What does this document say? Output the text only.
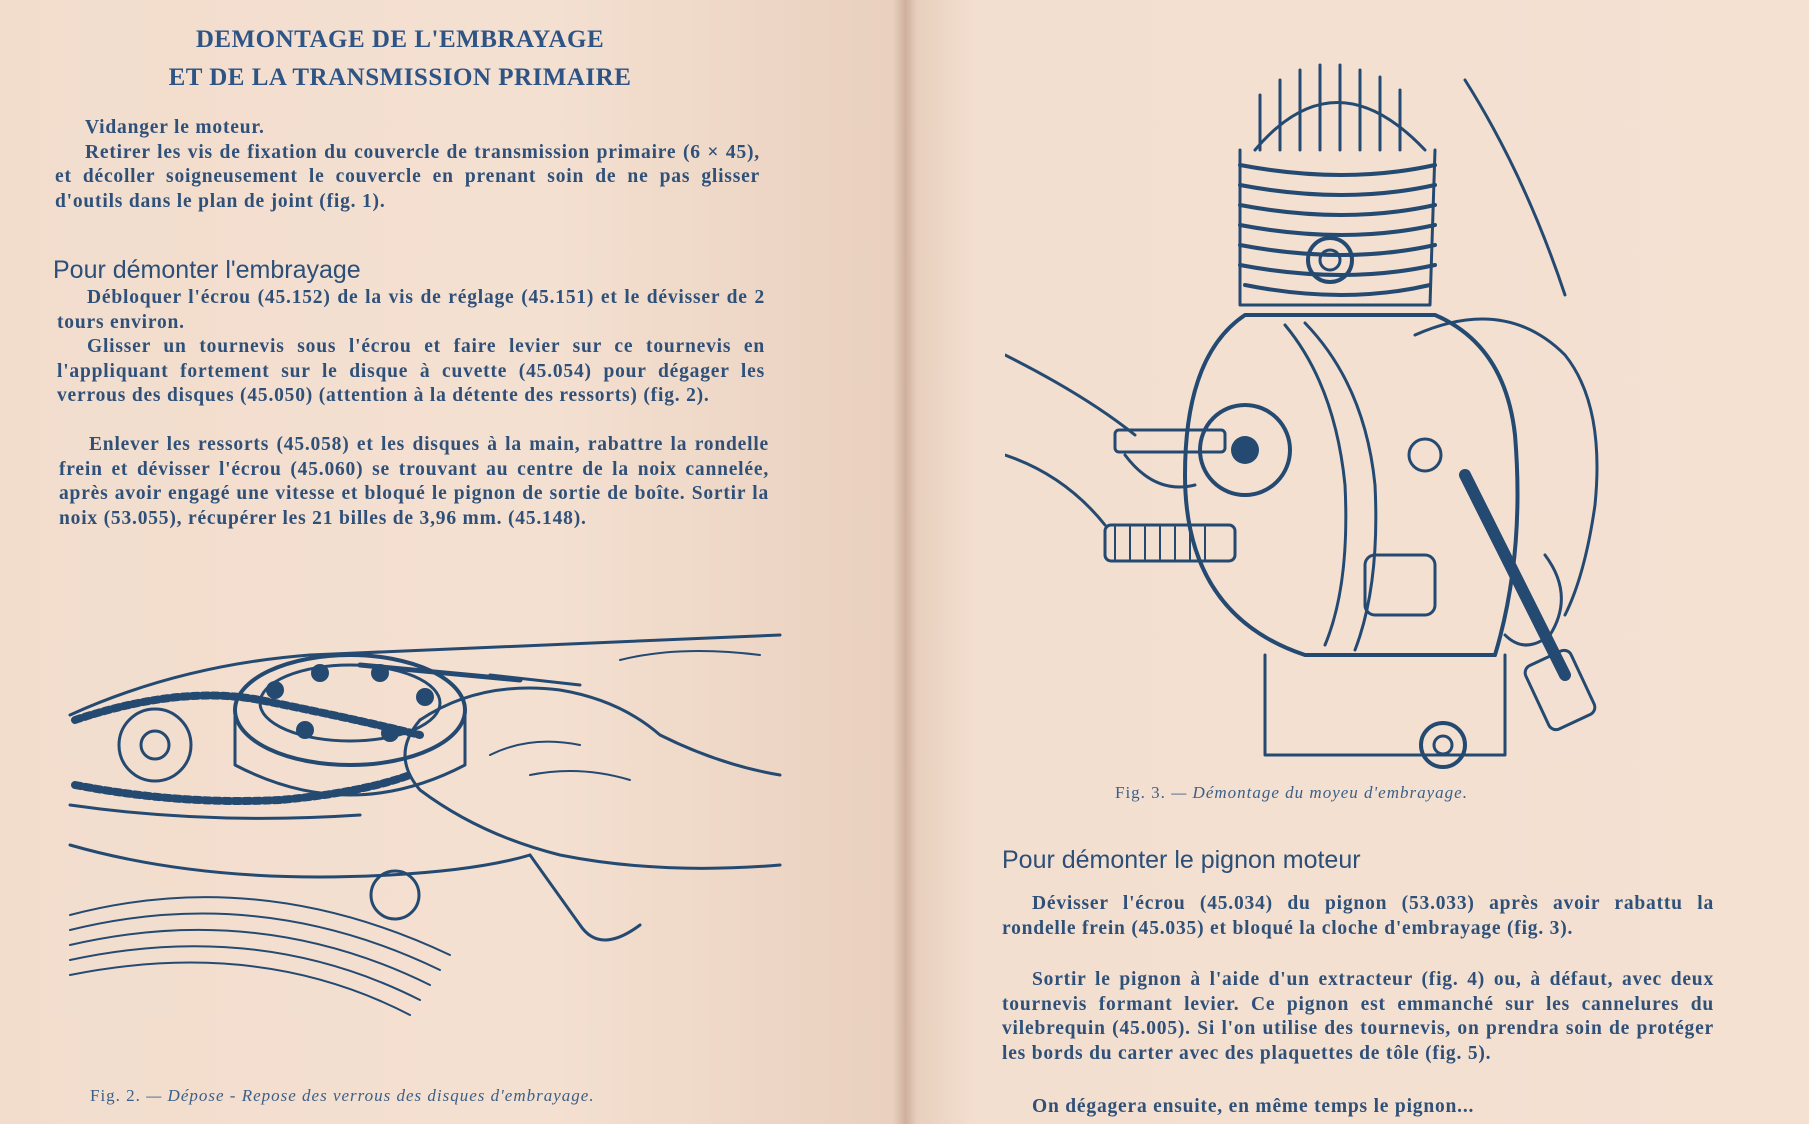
DEMONTAGE DE L'EMBRAYAGE
ET DE LA TRANSMISSION PRIMAIRE

Vidanger le moteur.
Retirer les vis de fixation du couvercle de transmission primaire (6 × 45), et décoller soigneusement le couvercle en prenant soin de ne pas glisser d'outils dans le plan de joint (fig. 1).

Pour démonter l'embrayage

Débloquer l'écrou (45.152) de la vis de réglage (45.151) et le dévisser de 2 tours environ.

Glisser un tournevis sous l'écrou et faire levier sur ce tournevis en l'appliquant fortement sur le disque à cuvette (45.054) pour dégager les verrous des disques (45.050) (attention à la détente des ressorts) (fig. 2).

Enlever les ressorts (45.058) et les disques à la main, rabattre la rondelle frein et dévisser l'écrou (45.060) se trouvant au centre de la noix cannelée, après avoir engagé une vitesse et bloqué le pignon de sortie de boîte. Sortir la noix (53.055), récupérer les 21 billes de 3,96 mm. (45.148).

Fig. 2. — Dépose - Repose des verrous des disques d'embrayage.
Fig. 3. — Démontage du moyeu d'embrayage.
Pour démonter le pignon moteur

Dévisser l'écrou (45.034) du pignon (53.033) après avoir rabattu la rondelle frein (45.035) et bloqué la cloche d'embrayage (fig. 3).

Sortir le pignon à l'aide d'un extracteur (fig. 4) ou, à défaut, avec deux tournevis formant levier. Ce pignon est emmanché sur les cannelures du vilebrequin (45.005). Si l'on utilise des tournevis, on prendra soin de protéger les bords du carter avec des plaquettes de tôle (fig. 5).

On dégagera ensuite, en même temps le pignon...
